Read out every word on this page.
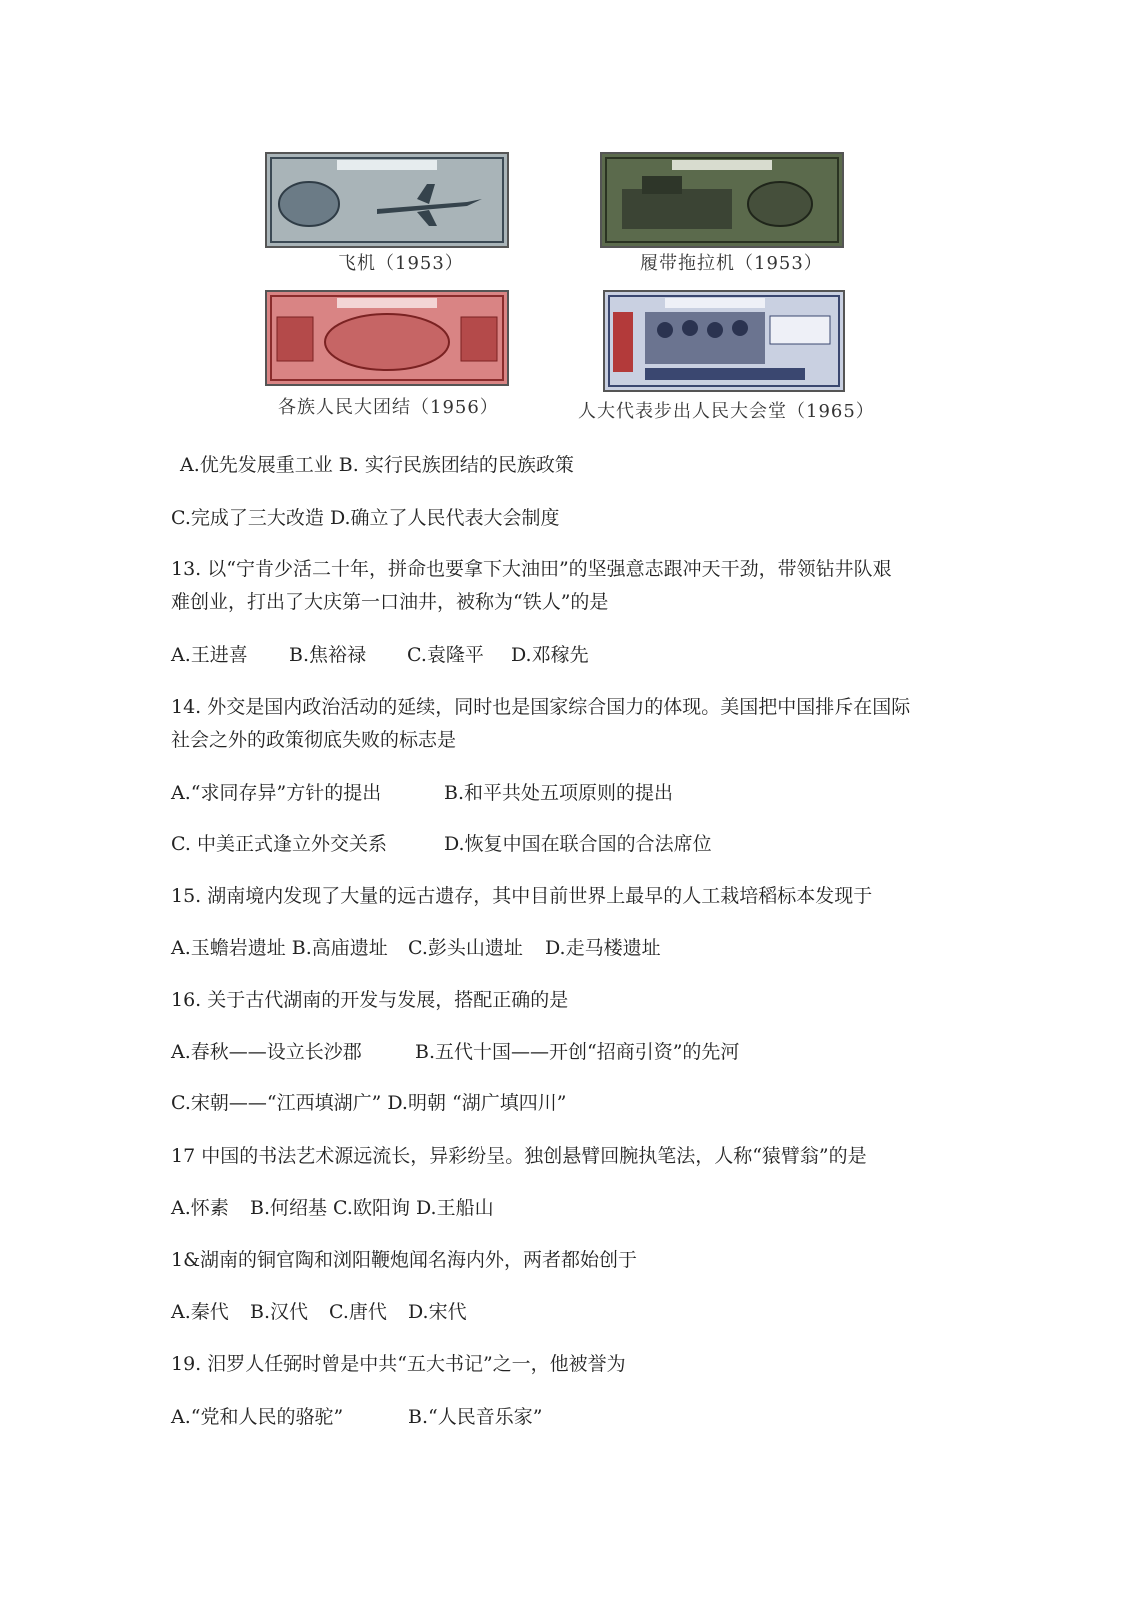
飞机（1953）	履带拖拉机（1953）
各族人民大团结（1956）	人大代表步出人民大会堂（1965）
A.优先发展重工业 B. 实行民族团结的民族政策
C.完成了三大改造 D.确立了人民代表大会制度
13. 以“宁肯少活二十年，拼命也要拿下大油田”的坚强意志跟冲天干劲，带领钻井队艰
难创业，打出了大庆第一口油井，被称为“铁人”的是
A.王进喜 B.焦裕禄 C.袁隆平 D.邓稼先
14. 外交是国内政治活动的延续，同时也是国家综合国力的体现。美国把中国排斥在国际
社会之外的政策彻底失败的标志是
A.“求同存异”方针的提出	B.和平共处五项原则的提出
C. 中美正式逢立外交关系	D.恢复中国在联合国的合法席位
15. 湖南境内发现了大量的远古遗存，其中目前世界上最早的人工栽培稻标本发现于
A.玉蟾岩遗址 B.高庙遗址 C.彭头山遗址 D.走马楼遗址
16. 关于古代湖南的开发与发展，搭配正确的是
A.春秋——设立长沙郡	B.五代十国——开创“招商引资”的先河
C.宋朝——“江西填湖广” D.明朝 “湖广填四川”
17 中国的书法艺术源远流长，异彩纷呈。独创悬臂回腕执笔法，人称“猿臂翁”的是
A.怀素 B.何绍基 C.欧阳询 D.王船山
1&湖南的铜官陶和浏阳鞭炮闻名海内外，两者都始创于
A.秦代 B.汉代 C.唐代 D.宋代
19. 汨罗人任弼时曾是中共“五大书记”之一，他被誉为
A.“党和人民的骆驼”	B.“人民音乐家”
